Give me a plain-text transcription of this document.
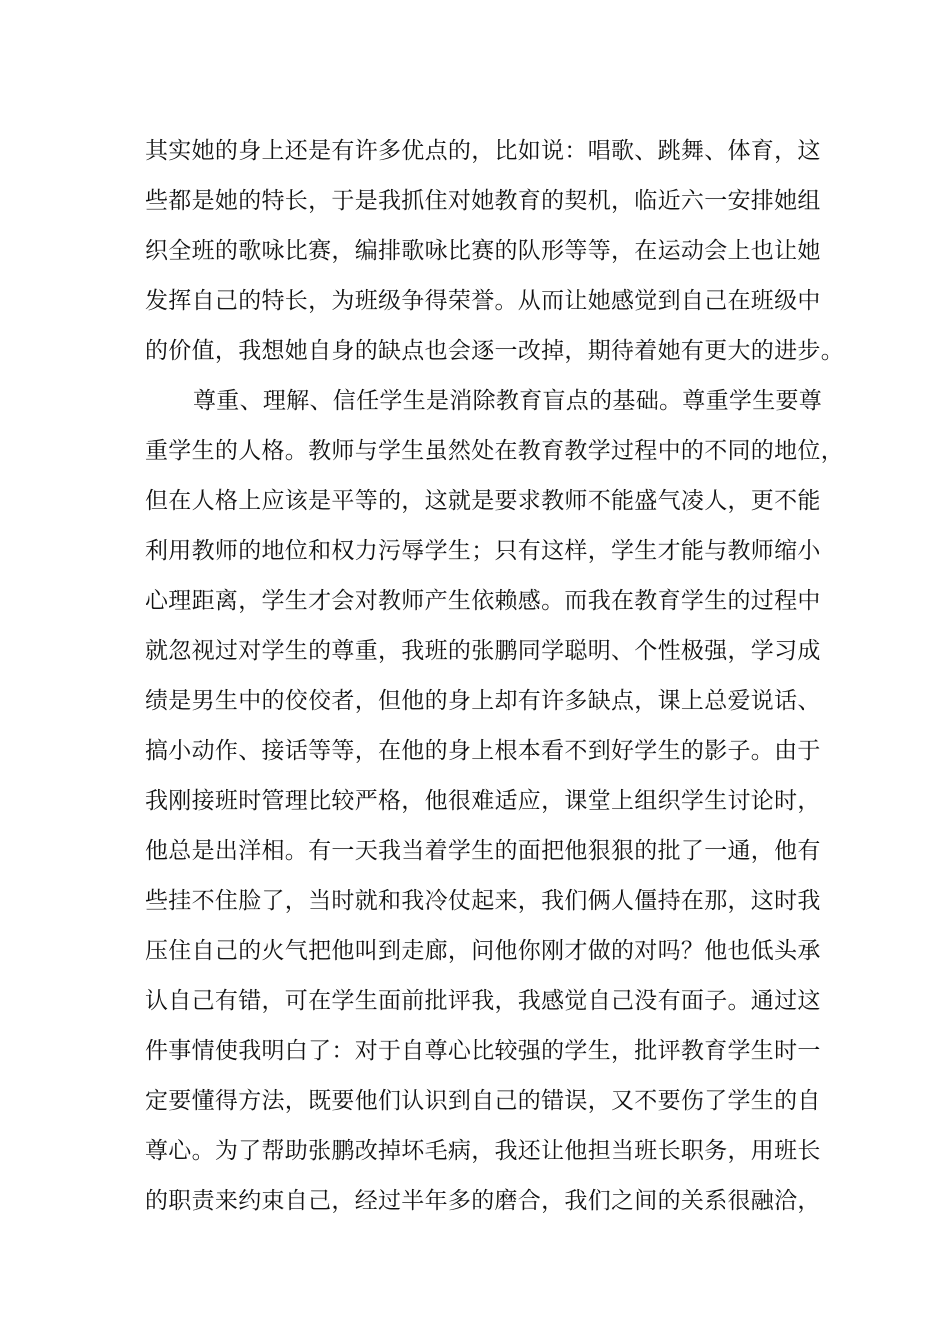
其实她的身上还是有许多优点的，比如说：唱歌、跳舞、体育，这
些都是她的特长，于是我抓住对她教育的契机，临近六一安排她组
织全班的歌咏比赛，编排歌咏比赛的队形等等，在运动会上也让她
发挥自己的特长，为班级争得荣誉。从而让她感觉到自己在班级中
的价值，我想她自身的缺点也会逐一改掉，期待着她有更大的进步。
尊重、理解、信任学生是消除教育盲点的基础。尊重学生要尊
重学生的人格。教师与学生虽然处在教育教学过程中的不同的地位，
但在人格上应该是平等的，这就是要求教师不能盛气凌人，更不能
利用教师的地位和权力污辱学生；只有这样，学生才能与教师缩小
心理距离，学生才会对教师产生依赖感。而我在教育学生的过程中
就忽视过对学生的尊重，我班的张鹏同学聪明、个性极强，学习成
绩是男生中的佼佼者，但他的身上却有许多缺点，课上总爱说话、
搞小动作、接话等等，在他的身上根本看不到好学生的影子。由于
我刚接班时管理比较严格，他很难适应，课堂上组织学生讨论时，
他总是出洋相。有一天我当着学生的面把他狠狠的批了一通，他有
些挂不住脸了，当时就和我冷仗起来，我们俩人僵持在那，这时我
压住自己的火气把他叫到走廊，问他你刚才做的对吗？他也低头承
认自己有错，可在学生面前批评我，我感觉自己没有面子。通过这
件事情使我明白了：对于自尊心比较强的学生，批评教育学生时一
定要懂得方法，既要他们认识到自己的错误，又不要伤了学生的自
尊心。为了帮助张鹏改掉坏毛病，我还让他担当班长职务，用班长
的职责来约束自己，经过半年多的磨合，我们之间的关系很融洽，
